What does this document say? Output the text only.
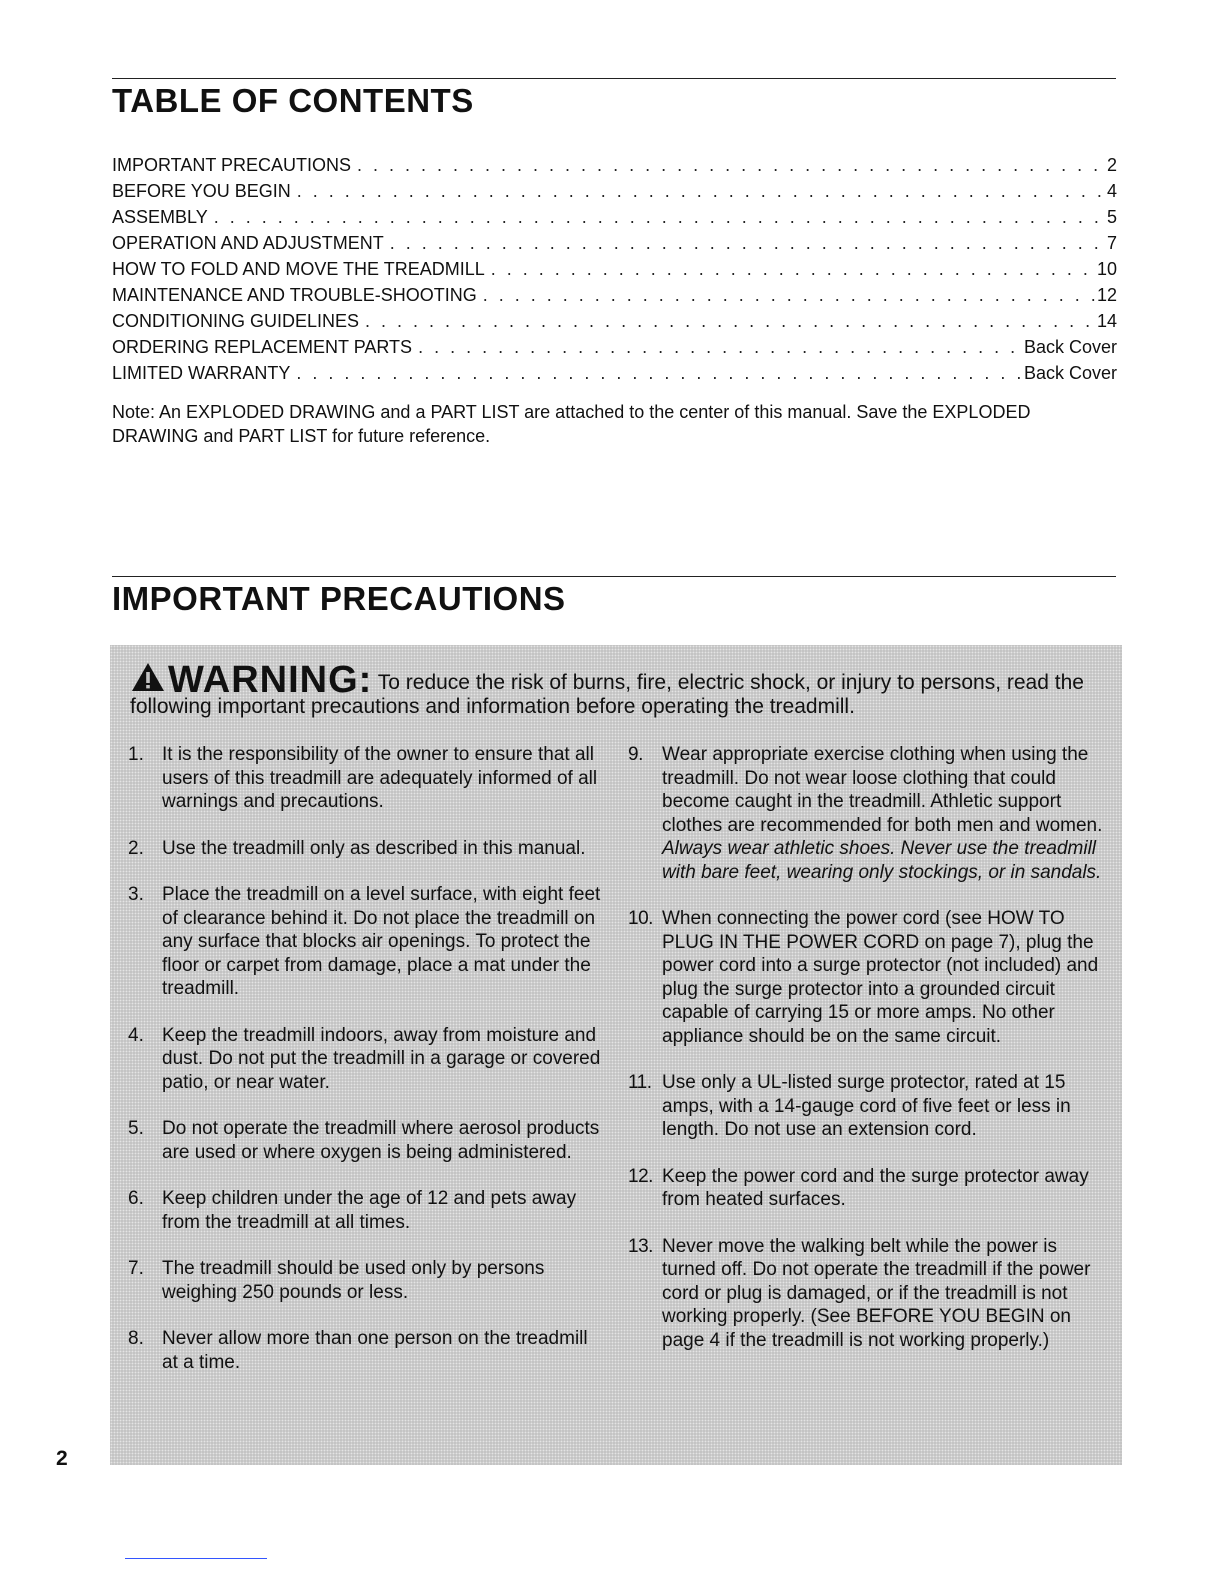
TABLE OF CONTENTS
IMPORTANT PRECAUTIONS . . .	2
BEFORE YOU BEGIN . . .	4
ASSEMBLY . . .	5
OPERATION AND ADJUSTMENT . . .	7
HOW TO FOLD AND MOVE THE TREADMILL . . .	10
MAINTENANCE AND TROUBLE-SHOOTING . . .	12
CONDITIONING GUIDELINES . . .	14
ORDERING REPLACEMENT PARTS . . .	Back Cover
LIMITED WARRANTY . . .	Back Cover

Note: An EXPLODED DRAWING and a PART LIST are attached to the center of this manual. Save the EXPLODED DRAWING and PART LIST for future reference.

IMPORTANT PRECAUTIONS

WARNING: To reduce the risk of burns, fire, electric shock, or injury to persons, read the following important precautions and information before operating the treadmill.

1. It is the responsibility of the owner to ensure that all users of this treadmill are adequately informed of all warnings and precautions.
2. Use the treadmill only as described in this manual.
3. Place the treadmill on a level surface, with eight feet of clearance behind it. Do not place the treadmill on any surface that blocks air openings. To protect the floor or carpet from damage, place a mat under the treadmill.
4. Keep the treadmill indoors, away from moisture and dust. Do not put the treadmill in a garage or covered patio, or near water.
5. Do not operate the treadmill where aerosol products are used or where oxygen is being administered.
6. Keep children under the age of 12 and pets away from the treadmill at all times.
7. The treadmill should be used only by persons weighing 250 pounds or less.
8. Never allow more than one person on the treadmill at a time.
9. Wear appropriate exercise clothing when using the treadmill. Do not wear loose clothing that could become caught in the treadmill. Athletic support clothes are recommended for both men and women. Always wear athletic shoes. Never use the treadmill with bare feet, wearing only stockings, or in sandals.
10. When connecting the power cord (see HOW TO PLUG IN THE POWER CORD on page 7), plug the power cord into a surge protector (not included) and plug the surge protector into a grounded circuit capable of carrying 15 or more amps. No other appliance should be on the same circuit.
11. Use only a UL-listed surge protector, rated at 15 amps, with a 14-gauge cord of five feet or less in length. Do not use an extension cord.
12. Keep the power cord and the surge protector away from heated surfaces.
13. Never move the walking belt while the power is turned off. Do not operate the treadmill if the power cord or plug is damaged, or if the treadmill is not working properly. (See BEFORE YOU BEGIN on page 4 if the treadmill is not working properly.)
2
